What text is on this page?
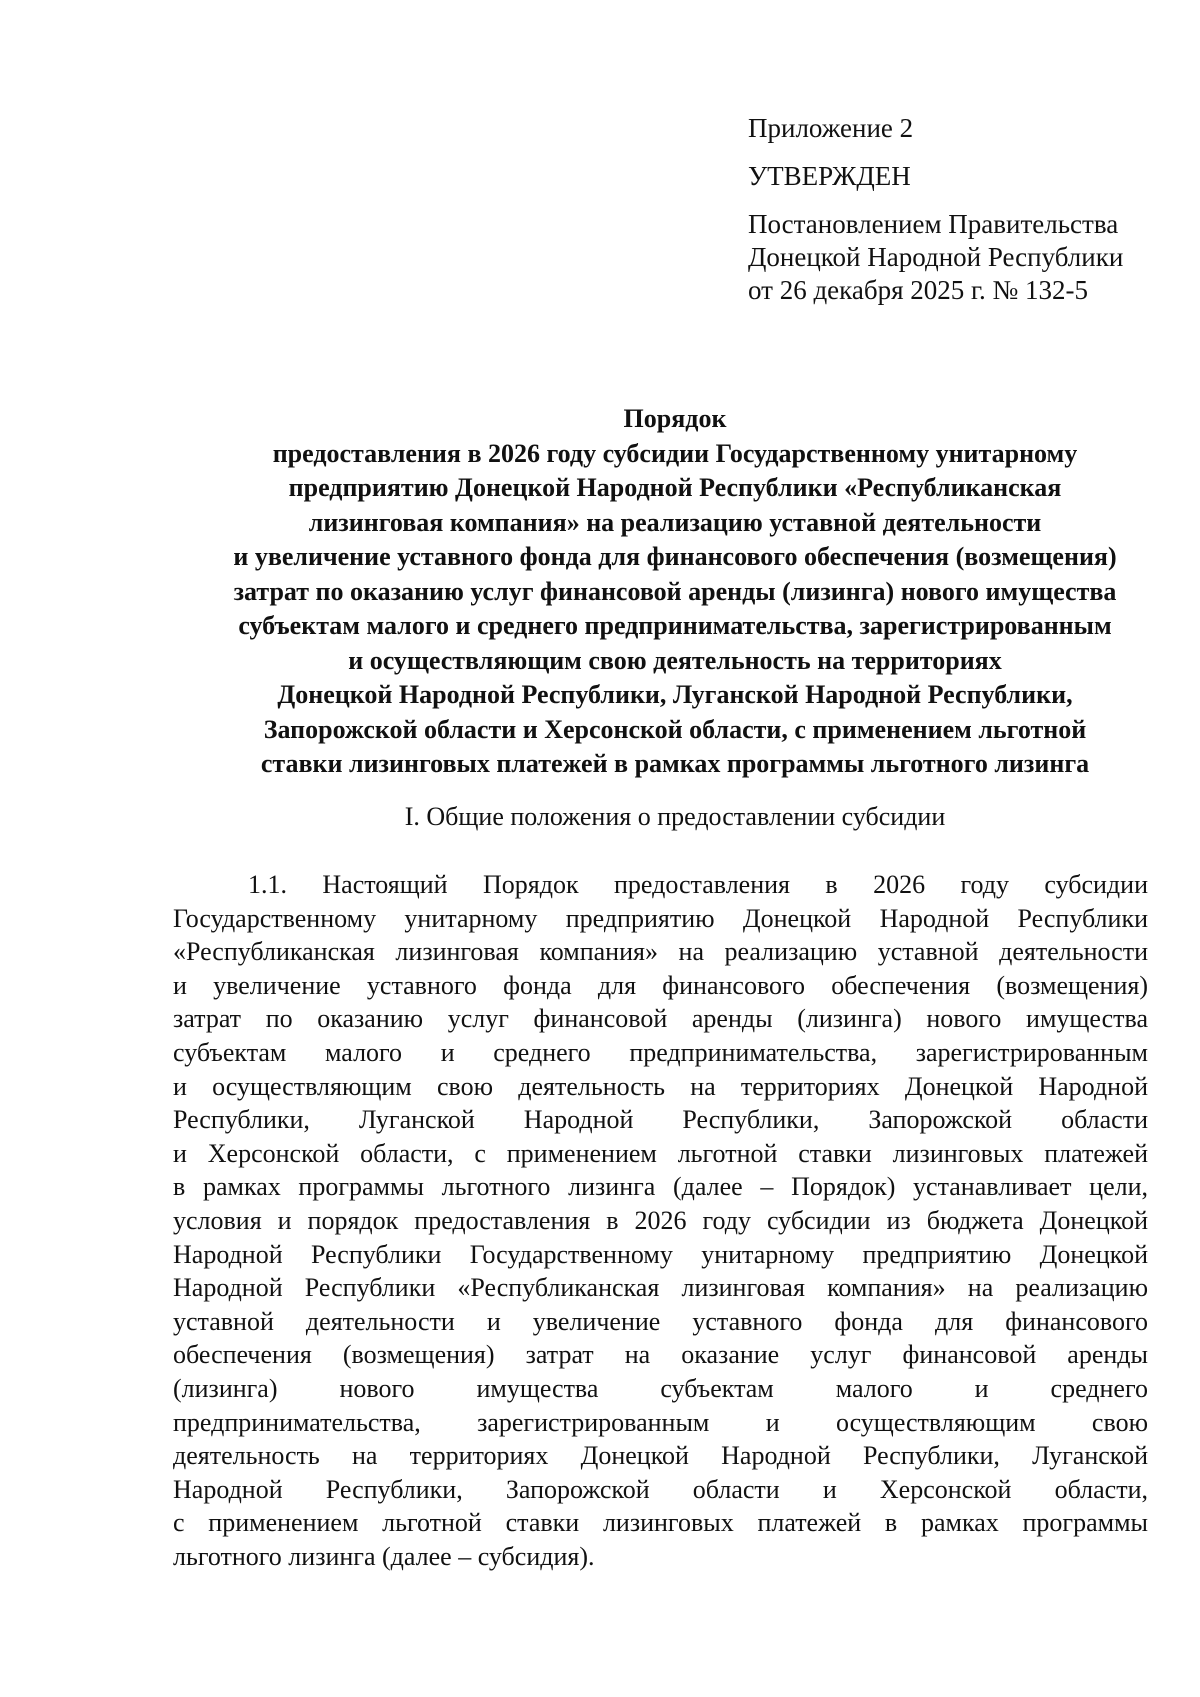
Приложение 2
УТВЕРЖДЕН
Постановлением Правительства
Донецкой Народной Республики
от 26 декабря 2025 г. № 132-5
Порядок
предоставления в 2026 году субсидии Государственному унитарному
предприятию Донецкой Народной Республики «Республиканская
лизинговая компания» на реализацию уставной деятельности
и увеличение уставного фонда для финансового обеспечения (возмещения)
затрат по оказанию услуг финансовой аренды (лизинга) нового имущества
субъектам малого и среднего предпринимательства, зарегистрированным
и осуществляющим свою деятельность на территориях
Донецкой Народной Республики, Луганской Народной Республики,
Запорожской области и Херсонской области, с применением льготной
ставки лизинговых платежей в рамках программы льготного лизинга
I. Общие положения о предоставлении субсидии
1.1. Настоящий Порядок предоставления в 2026 году субсидии
Государственному унитарному предприятию Донецкой Народной Республики
«Республиканская лизинговая компания» на реализацию уставной деятельности
и увеличение уставного фонда для финансового обеспечения (возмещения)
затрат по оказанию услуг финансовой аренды (лизинга) нового имущества
субъектам малого и среднего предпринимательства, зарегистрированным
и осуществляющим свою деятельность на территориях Донецкой Народной
Республики, Луганской Народной Республики, Запорожской области
и Херсонской области, с применением льготной ставки лизинговых платежей
в рамках программы льготного лизинга (далее – Порядок) устанавливает цели,
условия и порядок предоставления в 2026 году субсидии из бюджета Донецкой
Народной Республики Государственному унитарному предприятию Донецкой
Народной Республики «Республиканская лизинговая компания» на реализацию
уставной деятельности и увеличение уставного фонда для финансового
обеспечения (возмещения) затрат на оказание услуг финансовой аренды
(лизинга) нового имущества субъектам малого и среднего
предпринимательства, зарегистрированным и осуществляющим свою
деятельность на территориях Донецкой Народной Республики, Луганской
Народной Республики, Запорожской области и Херсонской области,
с применением льготной ставки лизинговых платежей в рамках программы
льготного лизинга (далее – субсидия).
